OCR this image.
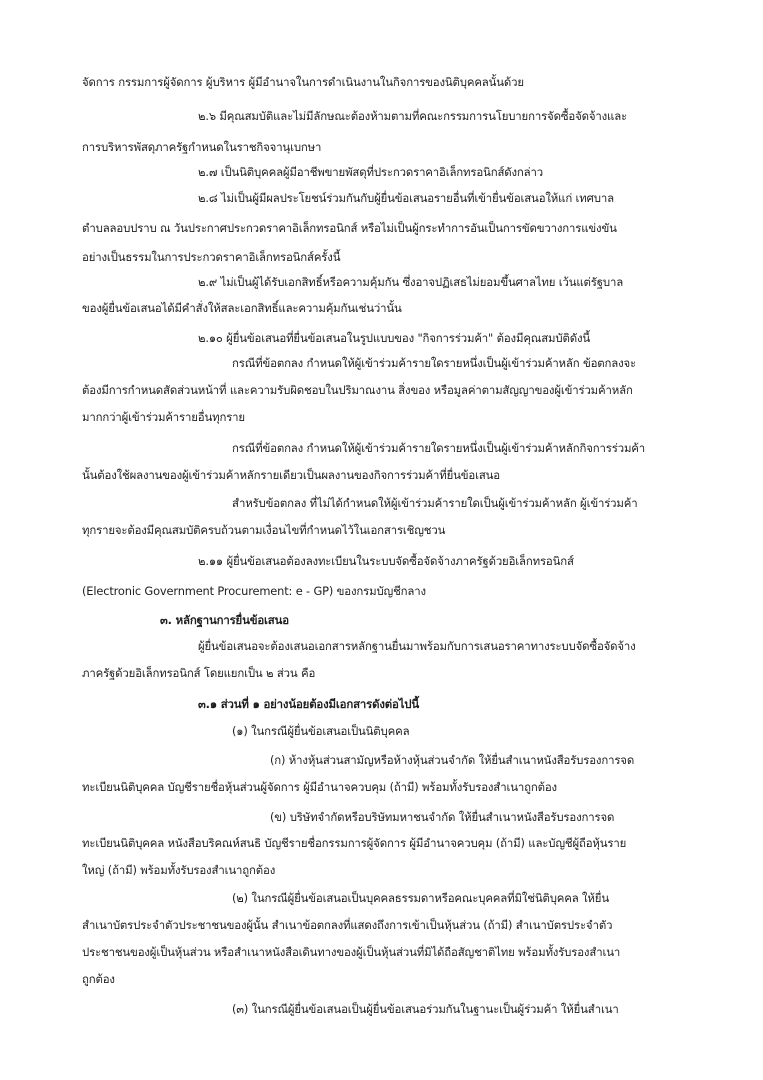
จัดการ กรรมการผู้จัดการ ผู้บริหาร ผู้มีอำนาจในการดำเนินงานในกิจการของนิติบุคคลนั้นด้วย
๒.๖ มีคุณสมบัติและไม่มีลักษณะต้องห้ามตามที่คณะกรรมการนโยบายการจัดซื้อจัดจ้างและ
การบริหารพัสดุภาครัฐกำหนดในราชกิจจานุเบกษา
๒.๗ เป็นนิติบุคคลผู้มีอาชีพขายพัสดุที่ประกวดราคาอิเล็กทรอนิกส์ดังกล่าว
๒.๘ ไม่เป็นผู้มีผลประโยชน์ร่วมกันกับผู้ยื่นข้อเสนอรายอื่นที่เข้ายื่นข้อเสนอให้แก่ เทศบาล
ตำบลลอบปราบ ณ วันประกาศประกวดราคาอิเล็กทรอนิกส์ หรือไม่เป็นผู้กระทำการอันเป็นการขัดขวางการแข่งขัน
อย่างเป็นธรรมในการประกวดราคาอิเล็กทรอนิกส์ครั้งนี้
๒.๙ ไม่เป็นผู้ได้รับเอกสิทธิ์หรือความคุ้มกัน ซึ่งอาจปฏิเสธไม่ยอมขึ้นศาลไทย เว้นแต่รัฐบาล
ของผู้ยื่นข้อเสนอได้มีคำสั่งให้สละเอกสิทธิ์และความคุ้มกันเช่นว่านั้น
๒.๑๐ ผู้ยื่นข้อเสนอที่ยื่นข้อเสนอในรูปแบบของ "กิจการร่วมค้า" ต้องมีคุณสมบัติดังนี้
กรณีที่ข้อตกลง กำหนดให้ผู้เข้าร่วมค้ารายใดรายหนึ่งเป็นผู้เข้าร่วมค้าหลัก ข้อตกลงจะ
ต้องมีการกำหนดสัดส่วนหน้าที่ และความรับผิดชอบในปริมาณงาน สิ่งของ หรือมูลค่าตามสัญญาของผู้เข้าร่วมค้าหลัก
มากกว่าผู้เข้าร่วมค้ารายอื่นทุกราย
กรณีที่ข้อตกลง กำหนดให้ผู้เข้าร่วมค้ารายใดรายหนึ่งเป็นผู้เข้าร่วมค้าหลักกิจการร่วมค้า
นั้นต้องใช้ผลงานของผู้เข้าร่วมค้าหลักรายเดียวเป็นผลงานของกิจการร่วมค้าที่ยื่นข้อเสนอ
สำหรับข้อตกลง ที่ไม่ได้กำหนดให้ผู้เข้าร่วมค้ารายใดเป็นผู้เข้าร่วมค้าหลัก ผู้เข้าร่วมค้า
ทุกรายจะต้องมีคุณสมบัติครบถ้วนตามเงื่อนไขที่กำหนดไว้ในเอกสารเชิญชวน
๒.๑๑ ผู้ยื่นข้อเสนอต้องลงทะเบียนในระบบจัดซื้อจัดจ้างภาครัฐด้วยอิเล็กทรอนิกส์
(Electronic Government Procurement: e - GP) ของกรมบัญชีกลาง
๓. หลักฐานการยื่นข้อเสนอ
ผู้ยื่นข้อเสนอจะต้องเสนอเอกสารหลักฐานยื่นมาพร้อมกับการเสนอราคาทางระบบจัดซื้อจัดจ้าง
ภาครัฐด้วยอิเล็กทรอนิกส์ โดยแยกเป็น ๒ ส่วน คือ
๓.๑ ส่วนที่ ๑ อย่างน้อยต้องมีเอกสารดังต่อไปนี้
(๑) ในกรณีผู้ยื่นข้อเสนอเป็นนิติบุคคล
(ก) ห้างหุ้นส่วนสามัญหรือห้างหุ้นส่วนจำกัด ให้ยื่นสำเนาหนังสือรับรองการจด
ทะเบียนนิติบุคคล บัญชีรายชื่อหุ้นส่วนผู้จัดการ ผู้มีอำนาจควบคุม (ถ้ามี) พร้อมทั้งรับรองสำเนาถูกต้อง
(ข) บริษัทจำกัดหรือบริษัทมหาชนจำกัด ให้ยื่นสำเนาหนังสือรับรองการจด
ทะเบียนนิติบุคคล หนังสือบริคณห์สนธิ บัญชีรายชื่อกรรมการผู้จัดการ ผู้มีอำนาจควบคุม (ถ้ามี) และบัญชีผู้ถือหุ้นราย
ใหญ่ (ถ้ามี) พร้อมทั้งรับรองสำเนาถูกต้อง
(๒) ในกรณีผู้ยื่นข้อเสนอเป็นบุคคลธรรมดาหรือคณะบุคคลที่มิใช่นิติบุคคล ให้ยื่น
สำเนาบัตรประจำตัวประชาชนของผู้นั้น สำเนาข้อตกลงที่แสดงถึงการเข้าเป็นหุ้นส่วน (ถ้ามี) สำเนาบัตรประจำตัว
ประชาชนของผู้เป็นหุ้นส่วน หรือสำเนาหนังสือเดินทางของผู้เป็นหุ้นส่วนที่มิได้ถือสัญชาติไทย พร้อมทั้งรับรองสำเนา
ถูกต้อง
(๓) ในกรณีผู้ยื่นข้อเสนอเป็นผู้ยื่นข้อเสนอร่วมกันในฐานะเป็นผู้ร่วมค้า ให้ยื่นสำเนา
